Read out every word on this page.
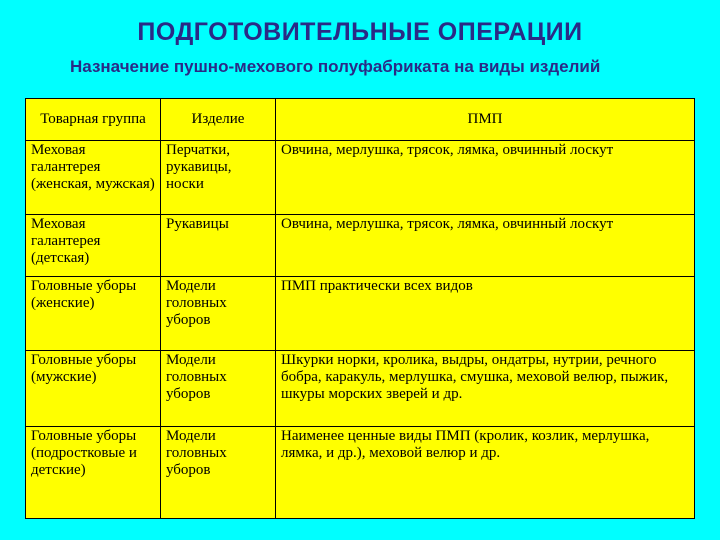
ПОДГОТОВИТЕЛЬНЫЕ ОПЕРАЦИИ
Назначение пушно-мехового полуфабриката на виды изделий
Товарная группа	Изделие	ПМП
Меховая галантерея (женская, мужская)	Перчатки, рукавицы, носки	Овчина, мерлушка, трясок, лямка, овчинный лоскут
Меховая галантерея (детская)	Рукавицы	Овчина, мерлушка, трясок, лямка, овчинный лоскут
Головные уборы (женские)	Модели головных уборов	ПМП практически всех видов
Головные уборы (мужские)	Модели головных уборов	Шкурки норки, кролика, выдры, ондатры, нутрии, речного бобра, каракуль, мерлушка, смушка, меховой велюр, пыжик, шкуры морских зверей и др.
Головные уборы (подростковые и детские)	Модели головных уборов	Наименее ценные виды ПМП (кролик, козлик, мерлушка, лямка, и др.), меховой велюр и др.
